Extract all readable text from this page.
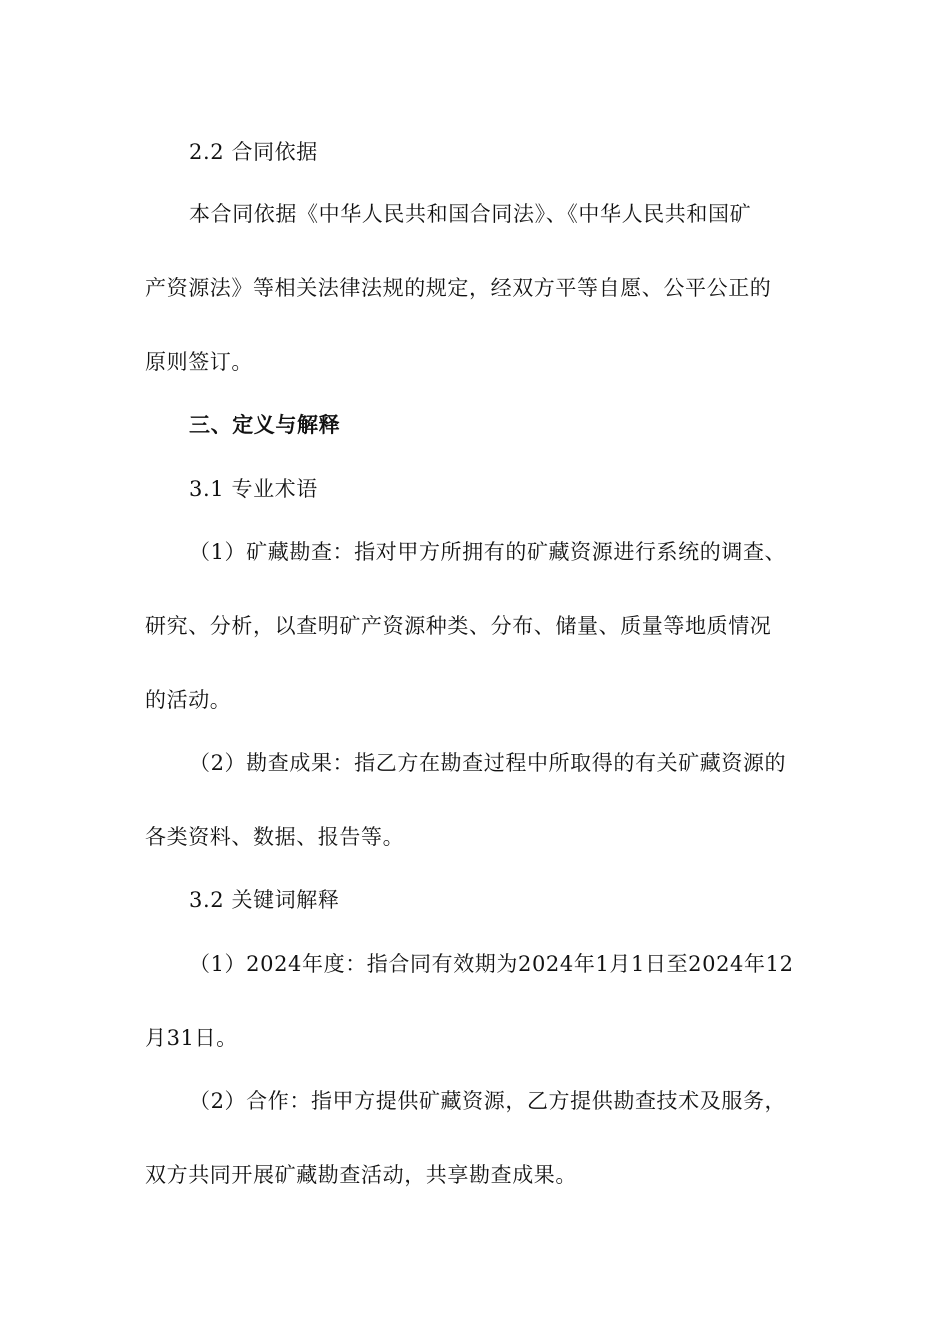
2.2 合同依据
本合同依据《中华人民共和国合同法》、《中华人民共和国矿
产资源法》等相关法律法规的规定，经双方平等自愿、公平公正的
原则签订。
三、定义与解释
3.1 专业术语
（1）矿藏勘查：指对甲方所拥有的矿藏资源进行系统的调查、
研究、分析，以查明矿产资源种类、分布、储量、质量等地质情况
的活动。
（2）勘查成果：指乙方在勘查过程中所取得的有关矿藏资源的
各类资料、数据、报告等。
3.2 关键词解释
（1）2024年度：指合同有效期为2024年1月1日至2024年12
月31日。
（2）合作：指甲方提供矿藏资源，乙方提供勘查技术及服务，
双方共同开展矿藏勘查活动，共享勘查成果。
